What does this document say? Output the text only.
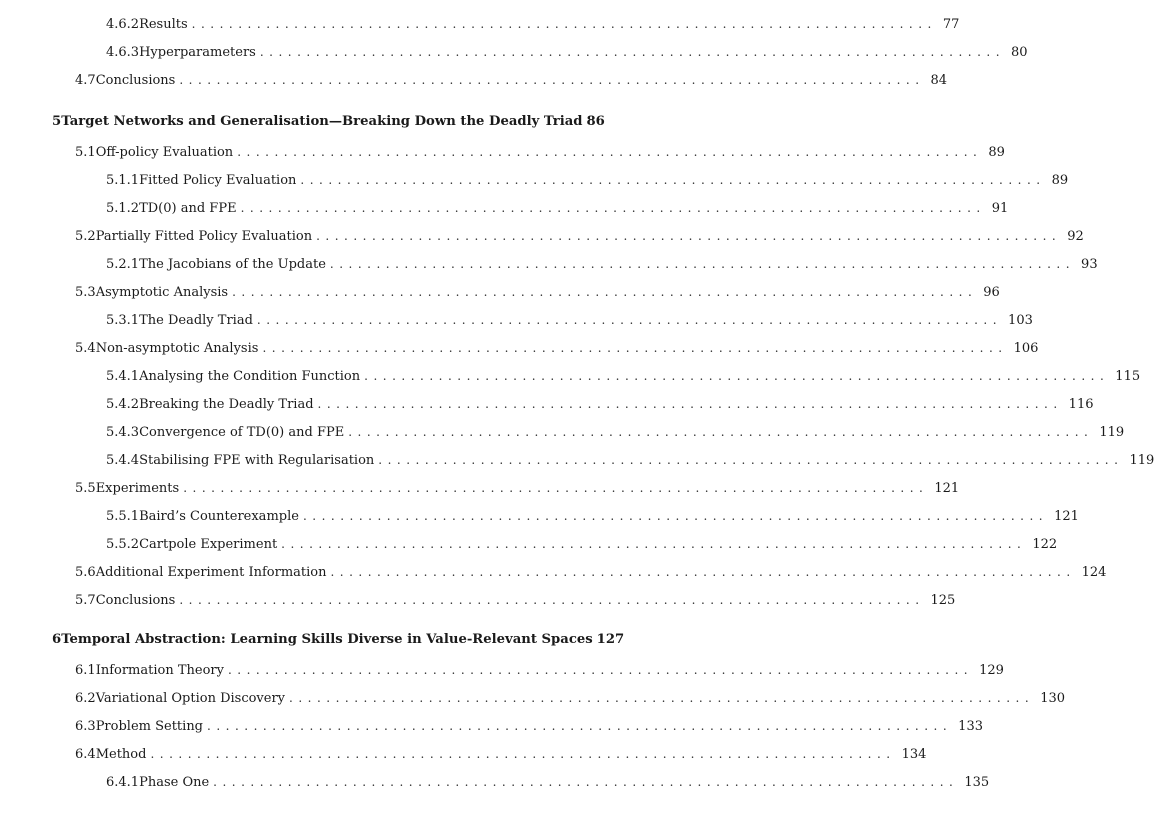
4.6.2 Results ................................................................................ 77
4.6.3 Hyperparameters ................................................................................ 80
4.7 Conclusions ................................................................................ 84
5 Target Networks and Generalisation—Breaking Down the Deadly Triad 86
5.1 Off-policy Evaluation ................................................................................ 89
5.1.1 Fitted Policy Evaluation ................................................................................ 89
5.1.2 TD(0) and FPE ................................................................................ 91
5.2 Partially Fitted Policy Evaluation ................................................................................ 92
5.2.1 The Jacobians of the Update ................................................................................ 93
5.3 Asymptotic Analysis ................................................................................ 96
5.3.1 The Deadly Triad ................................................................................ 103
5.4 Non-asymptotic Analysis ................................................................................ 106
5.4.1 Analysing the Condition Function ................................................................................ 115
5.4.2 Breaking the Deadly Triad ................................................................................ 116
5.4.3 Convergence of TD(0) and FPE ................................................................................ 119
5.4.4 Stabilising FPE with Regularisation ................................................................................ 119
5.5 Experiments ................................................................................ 121
5.5.1 Baird’s Counterexample ................................................................................ 121
5.5.2 Cartpole Experiment ................................................................................ 122
5.6 Additional Experiment Information ................................................................................ 124
5.7 Conclusions ................................................................................ 125
6 Temporal Abstraction: Learning Skills Diverse in Value-Relevant Spaces 127
6.1 Information Theory ................................................................................ 129
6.2 Variational Option Discovery ................................................................................ 130
6.3 Problem Setting ................................................................................ 133
6.4 Method ................................................................................ 134
6.4.1 Phase One ................................................................................ 135
